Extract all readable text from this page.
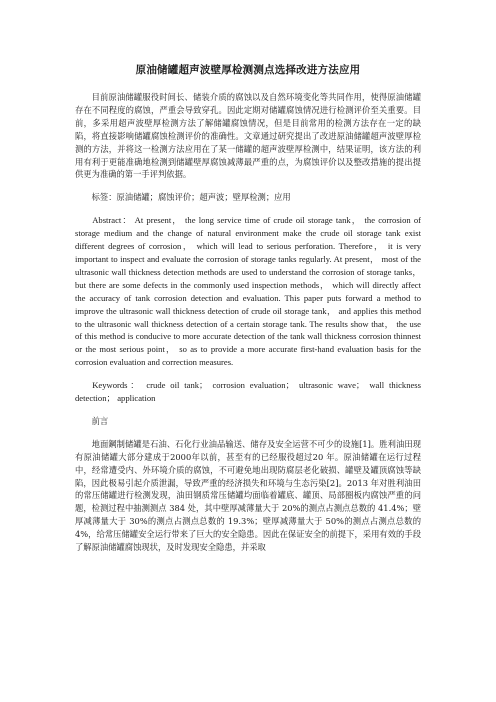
原油储罐超声波壁厚检测测点选择改进方法应用

目前原油储罐服役时间长、储装介质的腐蚀以及自然环境变化等共同作用，使得原油储罐存在不同程度的腐蚀，严重会导致穿孔。因此定期对储罐腐蚀情况进行检测评价至关重要。目前，多采用超声波壁厚检测方法了解储罐腐蚀情况，但是目前常用的检测方法存在一定的缺陷，将直接影响储罐腐蚀检测评价的准确性。文章通过研究提出了改进原油储罐超声波壁厚检测的方法，并将这一检测方法应用在了某一储罐的超声波壁厚检测中，结果证明，该方法的利用有利于更能准确地检测到储罐壁厚腐蚀减薄最严重的点，为腐蚀评价以及整改措施的提出提供更为准确的第一手评判依据。

标签：原油储罐；腐蚀评价；超声波；壁厚检测；应用

Abstract： At present， the long service time of crude oil storage tank， the corrosion of storage medium and the change of natural environment make the crude oil storage tank exist different degrees of corrosion， which will lead to serious perforation. Therefore， it is very important to inspect and evaluate the corrosion of storage tanks regularly. At present， most of the ultrasonic wall thickness detection methods are used to understand the corrosion of storage tanks， but there are some defects in the commonly used inspection methods， which will directly affect the accuracy of tank corrosion detection and evaluation. This paper puts forward a method to improve the ultrasonic wall thickness detection of crude oil storage tank， and applies this method to the ultrasonic wall thickness detection of a certain storage tank. The results show that， the use of this method is conducive to more accurate detection of the tank wall thickness corrosion thinnest or the most serious point， so as to provide a more accurate first-hand evaluation basis for the corrosion evaluation and correction measures.

Keywords： crude oil tank； corrosion evaluation； ultrasonic wave； wall thickness detection； application

前言

地面鋼制储罐是石油、石化行业油品输送、储存及安全运营不可少的设施[1]。胜利油田现有原油储罐大部分建成于2000年以前，甚至有的已经服役超过20 年。原油储罐在运行过程中，经常遭受内、外环境介质的腐蚀，不可避免地出现防腐层老化破损、罐壁及罐顶腐蚀等缺陷，因此极易引起介质泄漏，导致严重的经济损失和环境与生态污染[2]。2013 年对胜利油田的常压储罐进行检测发现，油田钢质常压储罐均面临着罐底、罐顶、局部圈板内腐蚀严重的问题，检测过程中抽测测点 384 处，其中壁厚减薄量大于 20%的测点占测点总数的 41.4%；壁厚减薄量大于 30%的测点占测点总数的 19.3%；壁厚减薄量大于 50%的测点占测点总数的 4%，给常压储罐安全运行带来了巨大的安全隐患。因此在保证安全的前提下，采用有效的手段了解原油储罐腐蚀现状，及时发现安全隐患，并采取
